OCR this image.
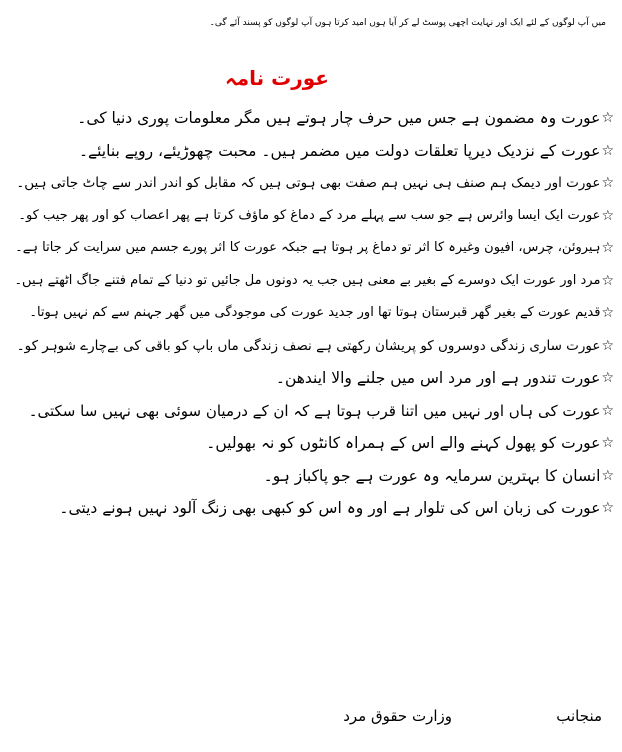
میں آپ لوگوں کے لئے ایک اور نہایت اچھی پوسٹ لے کر آیا ہوں امید کرتا ہوں آپ لوگوں کو پسند آئے گی۔
عورت نامہ
☆
عورت وہ مضمون ہے جس میں حرف چار ہوتے ہیں مگر معلومات پوری دنیا کی۔
☆
عورت کے نزدیک دیرپا تعلقات دولت میں مضمر ہیں۔ محبت چھوڑیئے، روپے بنایئے۔
☆
عورت اور دیمک ہم صنف ہی نہیں ہم صفت بھی ہوتی ہیں کہ مقابل کو اندر اندر سے چاٹ جاتی ہیں۔
☆
عورت ایک ایسا وائرس ہے جو سب سے پہلے مرد کے دماغ کو ماؤف کرتا ہے پھر اعصاب کو اور پھر جیب کو۔
☆
ہیروئن، چرس، افیون وغیرہ کا اثر تو دماغ پر ہوتا ہے جبکہ عورت کا اثر پورے جسم میں سرایت کر جاتا ہے۔
☆
مرد اور عورت ایک دوسرے کے بغیر بے معنی ہیں جب یہ دونوں مل جائیں تو دنیا کے تمام فتنے جاگ اٹھتے ہیں۔
☆
قدیم عورت کے بغیر گھر قبرستان ہوتا تھا اور جدید عورت کی موجودگی میں گھر جہنم سے کم نہیں ہوتا۔
☆
عورت ساری زندگی دوسروں کو پریشان رکھتی ہے نصف زندگی ماں باپ کو باقی کی بےچارے شوہر کو۔
☆
عورت تندور ہے اور مرد اس میں جلنے والا ایندھن۔
☆
عورت کی ہاں اور نہیں میں اتنا قرب ہوتا ہے کہ ان کے درمیان سوئی بھی نہیں سا سکتی۔
☆
عورت کو پھول کہنے والے اس کے ہمراہ کانٹوں کو نہ بھولیں۔
☆
انسان کا بہترین سرمایہ وہ عورت ہے جو پاکباز ہو۔
☆
عورت کی زبان اس کی تلوار ہے اور وہ اس کو کبھی بھی زنگ آلود نہیں ہونے دیتی۔
منجانب
وزارت حقوق مرد
